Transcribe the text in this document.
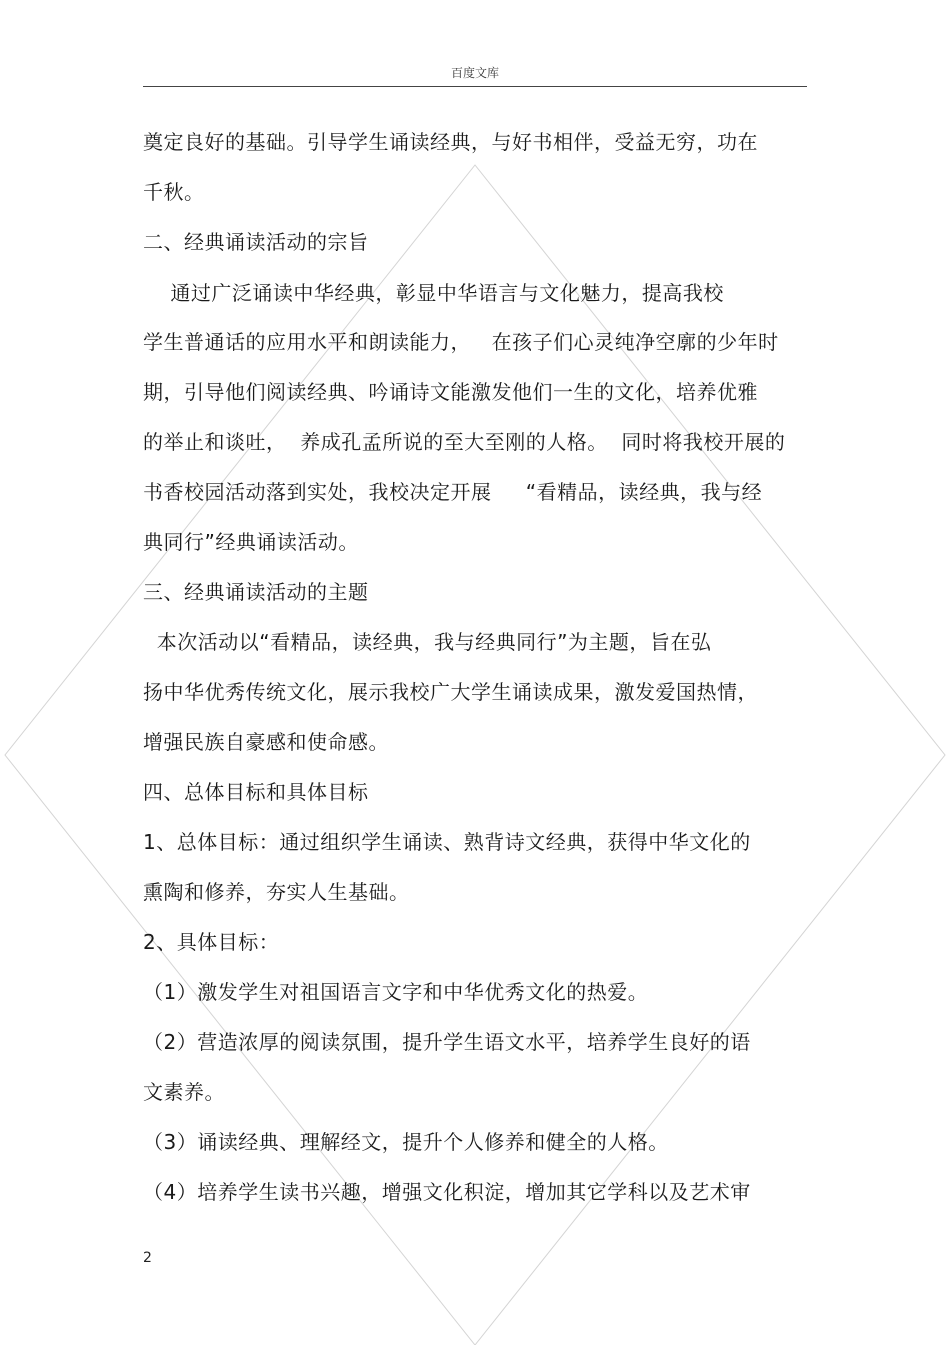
百度文库
奠定良好的基础。引导学生诵读经典，与好书相伴，受益无穷，功在
千秋。
二、经典诵读活动的宗旨
通过广泛诵读中华经典，彰显中华语言与文化魅力，提高我校
学生普通话的应用水平和朗读能力，   在孩子们心灵纯净空廓的少年时
期，引导他们阅读经典、吟诵诗文能激发他们一生的文化，培养优雅
的举止和谈吐，  养成孔孟所说的至大至刚的人格。  同时将我校开展的
书香校园活动落到实处，我校决定开展     “看精品，读经典，我与经
典同行”经典诵读活动。
三、经典诵读活动的主题
本次活动以“看精品，读经典，我与经典同行”为主题，旨在弘
扬中华优秀传统文化，展示我校广大学生诵读成果，激发爱国热情，
增强民族自豪感和使命感。
四、总体目标和具体目标
1、总体目标：通过组织学生诵读、熟背诗文经典，获得中华文化的
熏陶和修养，夯实人生基础。
2、具体目标：
（1）激发学生对祖国语言文字和中华优秀文化的热爱。
（2）营造浓厚的阅读氛围，提升学生语文水平，培养学生良好的语
文素养。
（3）诵读经典、理解经文，提升个人修养和健全的人格。
（4）培养学生读书兴趣，增强文化积淀，增加其它学科以及艺术审
2
